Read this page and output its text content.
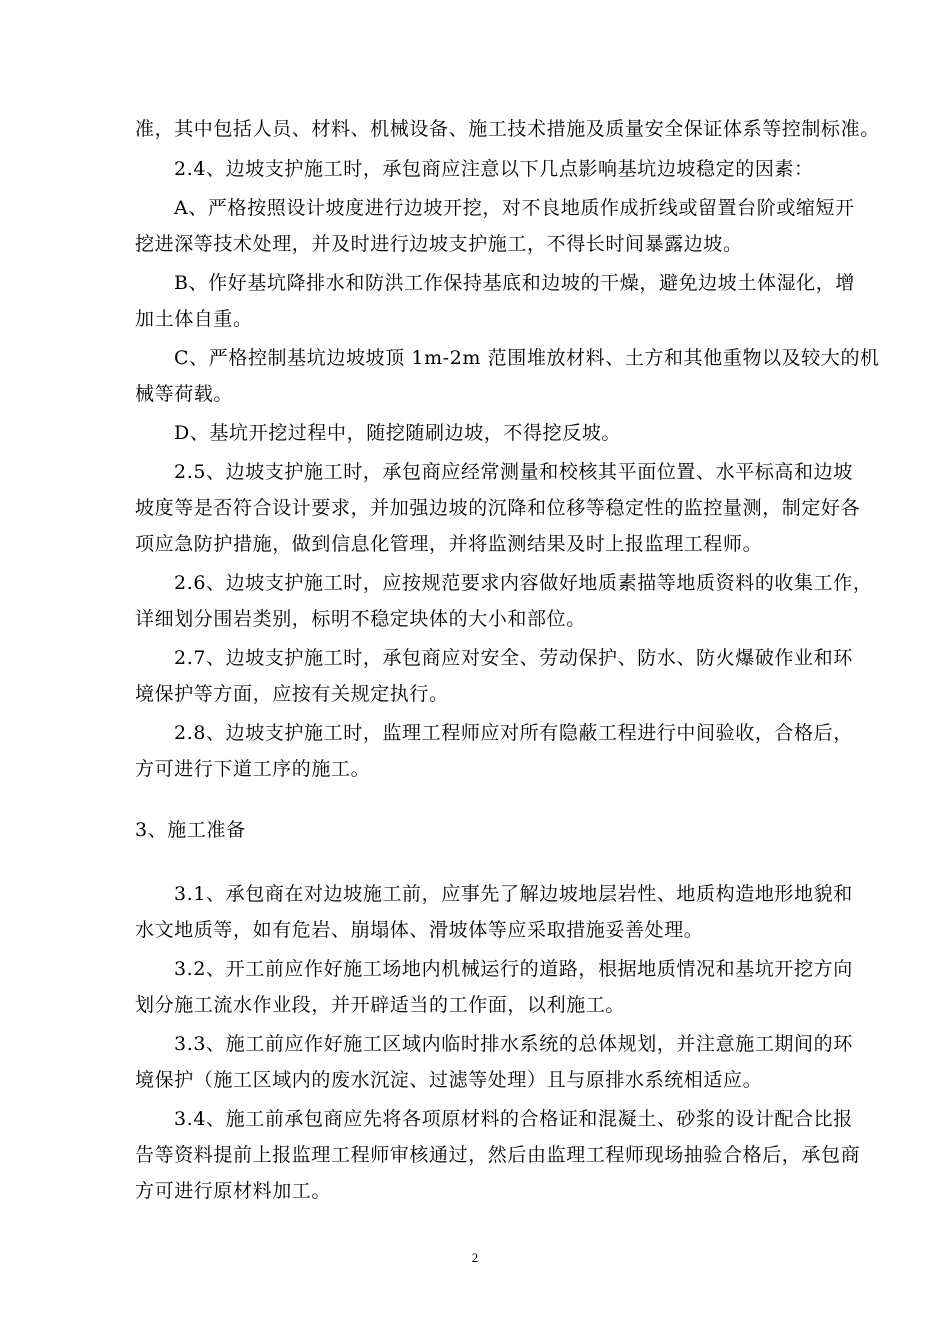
准，其中包括人员、材料、机械设备、施工技术措施及质量安全保证体系等控制标准。
2.4、边坡支护施工时，承包商应注意以下几点影响基坑边坡稳定的因素：
A、严格按照设计坡度进行边坡开挖，对不良地质作成折线或留置台阶或缩短开
挖进深等技术处理，并及时进行边坡支护施工，不得长时间暴露边坡。
B、作好基坑降排水和防洪工作保持基底和边坡的干燥，避免边坡土体湿化，增
加土体自重。
C、严格控制基坑边坡坡顶 1m-2m 范围堆放材料、土方和其他重物以及较大的机
械等荷载。
D、基坑开挖过程中，随挖随刷边坡，不得挖反坡。
2.5、边坡支护施工时，承包商应经常测量和校核其平面位置、水平标高和边坡
坡度等是否符合设计要求，并加强边坡的沉降和位移等稳定性的监控量测，制定好各
项应急防护措施，做到信息化管理，并将监测结果及时上报监理工程师。
2.6、边坡支护施工时，应按规范要求内容做好地质素描等地质资料的收集工作，
详细划分围岩类别，标明不稳定块体的大小和部位。
2.7、边坡支护施工时，承包商应对安全、劳动保护、防水、防火爆破作业和环
境保护等方面，应按有关规定执行。
2.8、边坡支护施工时，监理工程师应对所有隐蔽工程进行中间验收，合格后，
方可进行下道工序的施工。
3、施工准备
3.1、承包商在对边坡施工前，应事先了解边坡地层岩性、地质构造地形地貌和
水文地质等，如有危岩、崩塌体、滑坡体等应采取措施妥善处理。
3.2、开工前应作好施工场地内机械运行的道路，根据地质情况和基坑开挖方向
划分施工流水作业段，并开辟适当的工作面，以利施工。
3.3、施工前应作好施工区域内临时排水系统的总体规划，并注意施工期间的环
境保护（施工区域内的废水沉淀、过滤等处理）且与原排水系统相适应。
3.4、施工前承包商应先将各项原材料的合格证和混凝土、砂浆的设计配合比报
告等资料提前上报监理工程师审核通过，然后由监理工程师现场抽验合格后，承包商
方可进行原材料加工。
2
